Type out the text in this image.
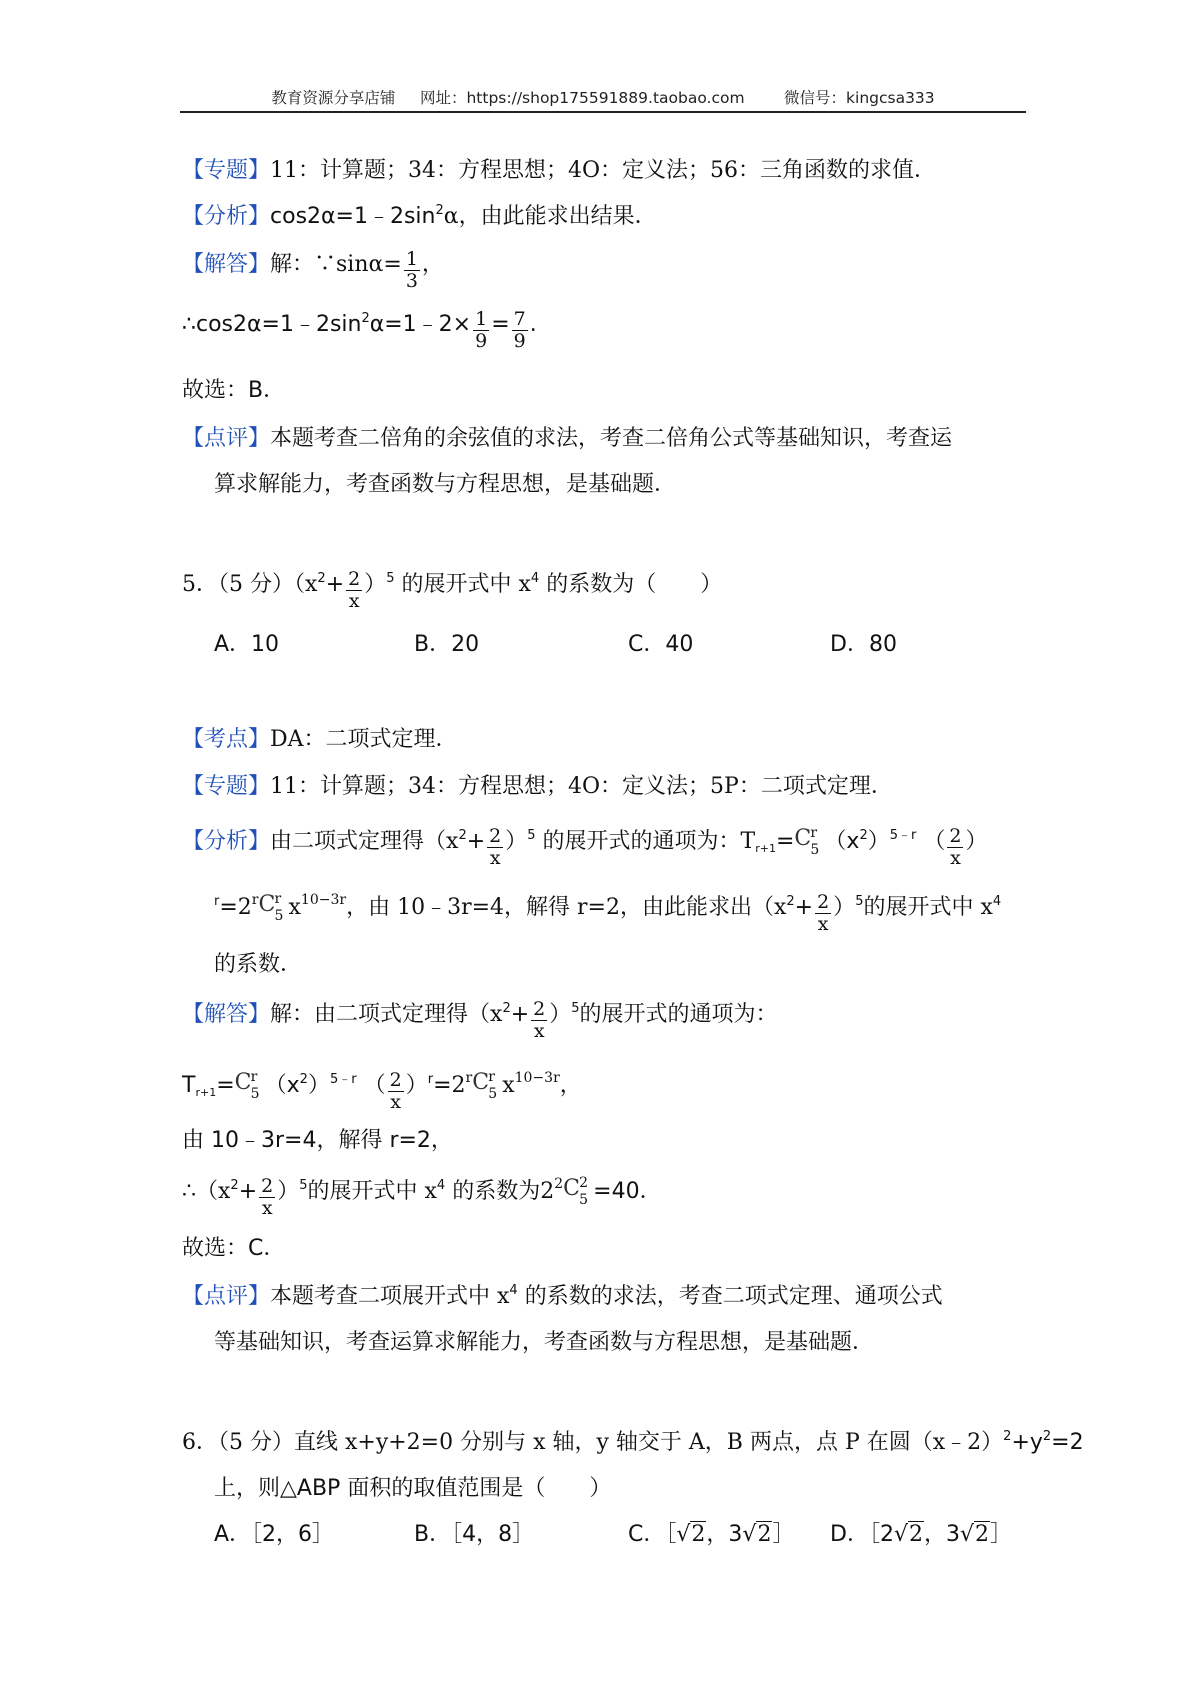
教育资源分享店铺 网址：https://shop175591889.taobao.com	微信号：kingcsa333
【专题】11：计算题；34：方程思想；4O：定义法；56：三角函数的求值．
【分析】$\cos 2\alpha=1﹣2\sin^2\alpha$，由此能求出结果．
【解答】解：∵sinα= $\frac{1}{3}$ ，
$\therefore\cos 2\alpha=1﹣2\sin^2\alpha=1﹣2\times \frac{1}{9} = \frac{7}{9}$ .
故选：B．
【点评】本题考查二倍角的余弦值的求法，考查二倍角公式等基础知识，考查运
算求解能力，考查函数与方程思想，是基础题．
5．（5 分）$(x^2+ \frac{2}{x} )^5$ 的展开式中 $x^4$ 的系数为（　　）
A．10	B．20	C．40	D．80
【考点】DA：二项式定理．
【专题】11：计算题；34：方程思想；4O：定义法；5P：二项式定理．
【分析】由二项式定理得$(x^2+ \frac{2}{x} )^5$ 的展开式的通项为：$T_{r+1}= C$ r
5 $(x^2)^{5﹣r}$ （ $\frac{2}{x}$ ）
$^r=2^r$ C r
5 $x^{10-3r}$，由 10﹣3r=4，解得 r=2，由此能求出$(x^2+ \frac{2}{x} )^5$的展开式中 $x^4$
的系数．
【解答】解：由二项式定理得$(x^2+ \frac{2}{x} )^5$的展开式的通项为：
$T_{r+1}= C$ r
5 $(x^2)^{5﹣r}$ （ $\frac{2}{x} )^r=2^r$ C r
5 $x^{10-3r}$，
由 10﹣3r=4，解得 r=2，
$\therefore(x^2+ \frac{2}{x} )^5$的展开式中 $x^4$ 的系数为$2^2$ C 2
5 =40．
故选：C．
【点评】本题考查二项展开式中 $x^4$ 的系数的求法，考查二项式定理、通项公式
等基础知识，考查运算求解能力，考查函数与方程思想，是基础题．
6．（5 分）直线 x+y+2=0 分别与 x 轴，y 轴交于 A，B 两点，点 P 在圆$(x﹣2)^2+y^2=2$
上，则△ABP 面积的取值范围是（　　）
A．［2，6］	B．［4，8］	C．［√2，3√2］ D．［2√2，3√2］
